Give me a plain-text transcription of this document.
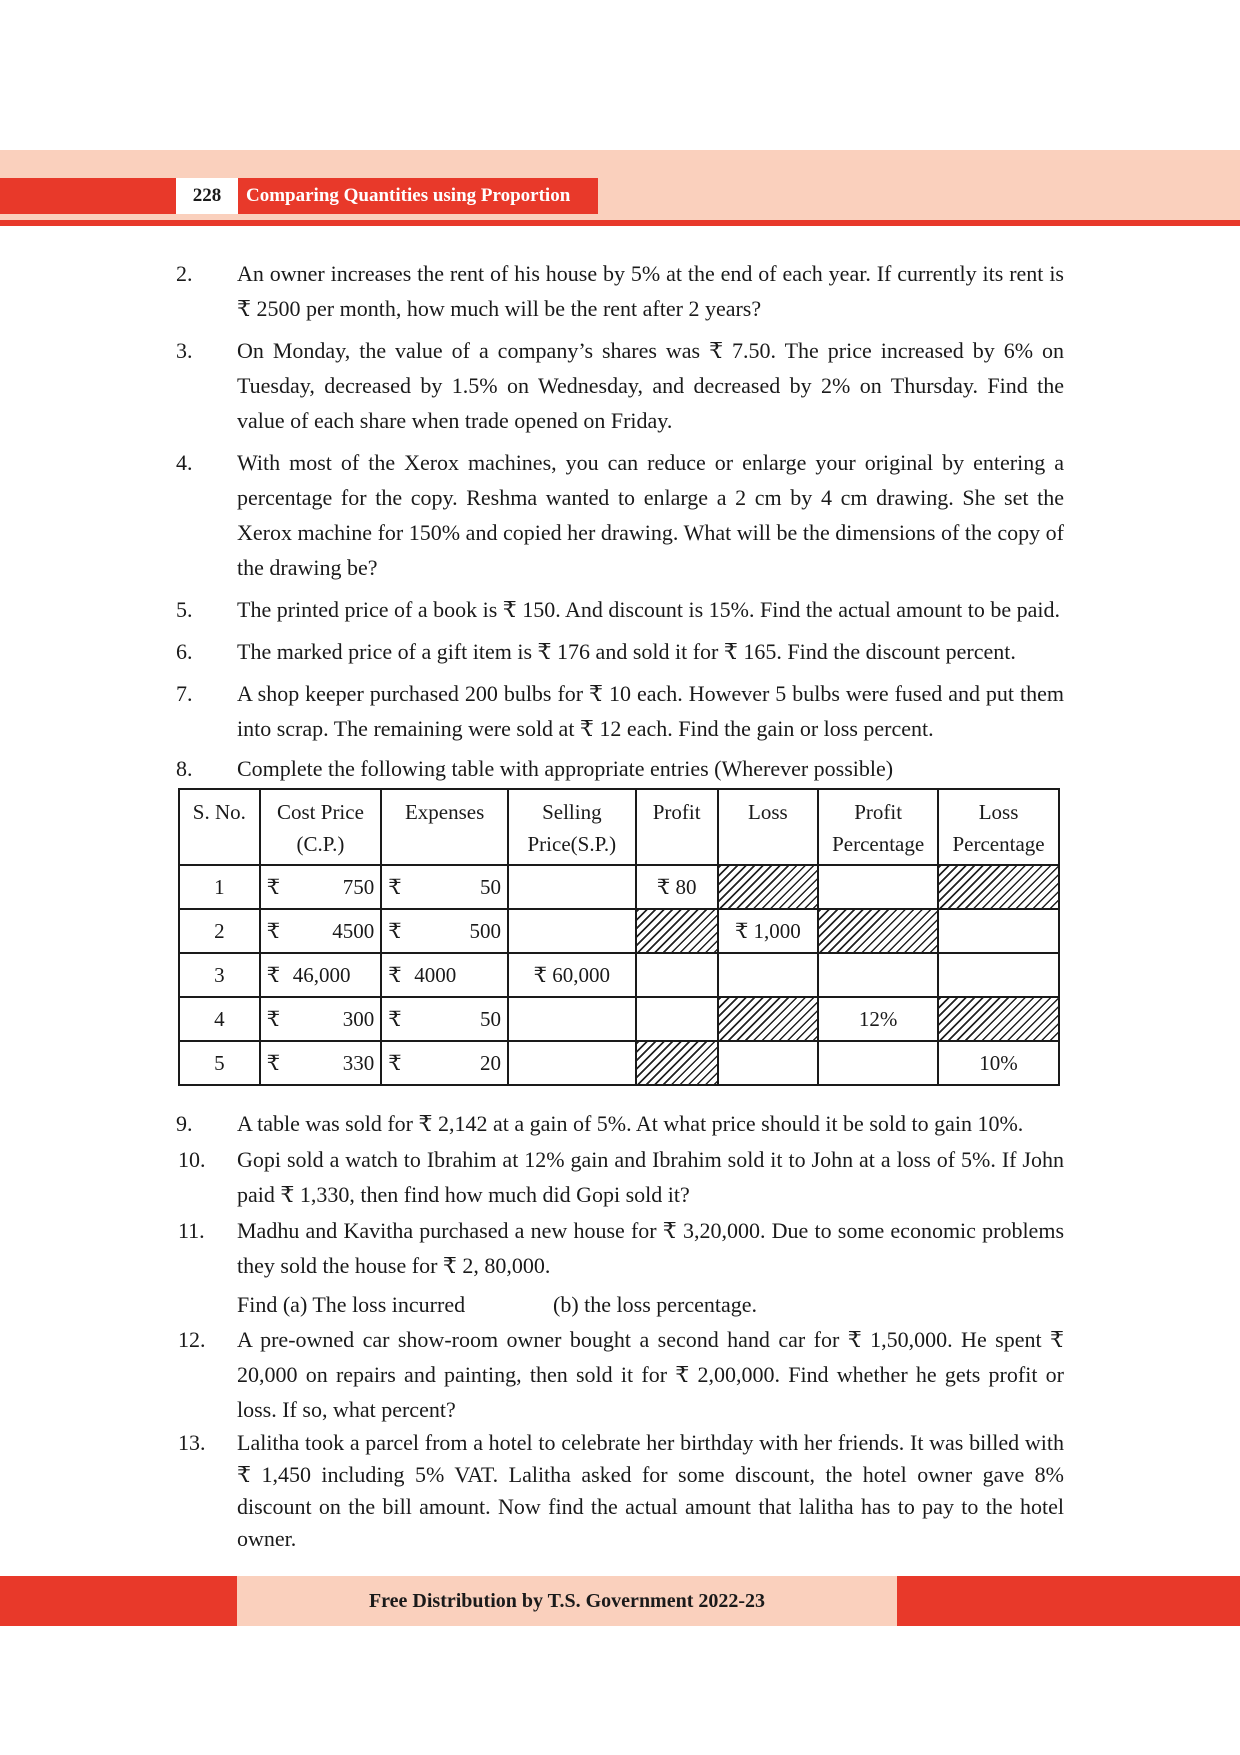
228	Comparing Quantities using Proportion
2. An owner increases the rent of his house by 5% at the end of each year. If currently its rent is ₹ 2500 per month, how much will be the rent after 2 years?
3. On Monday, the value of a company’s shares was ₹ 7.50. The price increased by 6% on Tuesday, decreased by 1.5% on Wednesday, and decreased by 2% on Thursday. Find the value of each share when trade opened on Friday.
4. With most of the Xerox machines, you can reduce or enlarge your original by entering a percentage for the copy. Reshma wanted to enlarge a 2 cm by 4 cm drawing. She set the Xerox machine for 150% and copied her drawing. What will be the dimensions of the copy of the drawing be?
5. The printed price of a book is ₹ 150. And discount is 15%. Find the actual amount to be paid.
6. The marked price of a gift item is ₹ 176 and sold it for ₹ 165. Find the discount percent.
7. A shop keeper purchased 200 bulbs for ₹ 10 each. However 5 bulbs were fused and put them into scrap. The remaining were sold at ₹ 12 each. Find the gain or loss percent.
8. Complete the following table with appropriate entries (Wherever possible)
S. No.	Cost Price (C.P.)	Expenses	Selling Price(S.P.)	Profit	Loss	Profit Percentage	Loss Percentage
1	₹ 750	₹ 50		₹ 80			
2	₹ 4500	₹ 500			₹ 1,000		
3	₹ 46,000	₹ 4000	₹ 60,000				
4	₹ 300	₹ 50				12%	
5	₹ 330	₹ 20					10%
9. A table was sold for ₹ 2,142 at a gain of 5%. At what price should it be sold to gain 10%.
10. Gopi sold a watch to Ibrahim at 12% gain and Ibrahim sold it to John at a loss of 5%. If John paid ₹ 1,330, then find how much did Gopi sold it?
11. Madhu and Kavitha purchased a new house for ₹ 3,20,000. Due to some economic problems they sold the house for ₹ 2, 80,000.
Find (a) The loss incurred	(b) the loss percentage.
12. A pre-owned car show-room owner bought a second hand car for ₹ 1,50,000. He spent ₹ 20,000 on repairs and painting, then sold it for ₹ 2,00,000. Find whether he gets profit or loss. If so, what percent?
13. Lalitha took a parcel from a hotel to celebrate her birthday with her friends. It was billed with ₹ 1,450 including 5% VAT. Lalitha asked for some discount, the hotel owner gave 8% discount on the bill amount. Now find the actual amount that lalitha has to pay to the hotel owner.
Free Distribution by T.S. Government 2022-23
